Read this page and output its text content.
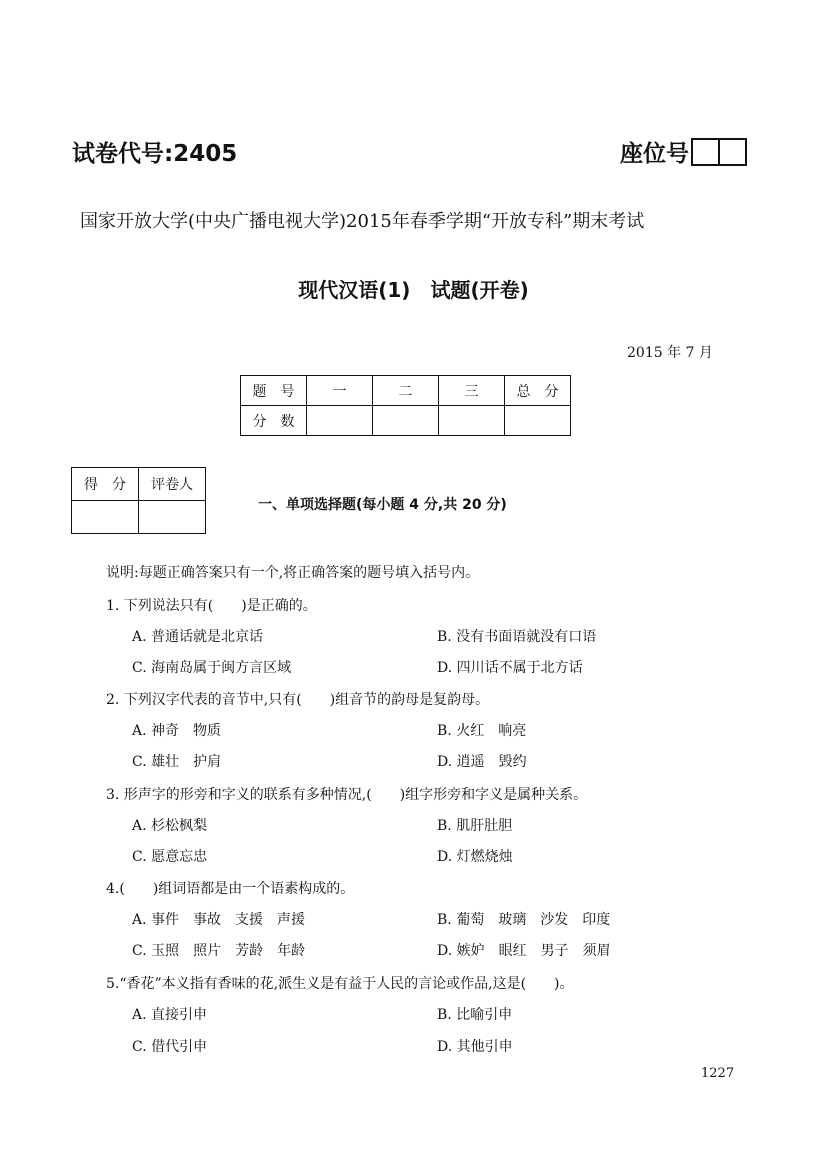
试卷代号:2405	座位号
国家开放大学(中央广播电视大学)2015年春季学期“开放专科”期末考试
现代汉语(1)　试题(开卷)
2015 年 7 月
题　号	一	二	三	总　分
分　数				
得　分	评卷人

一、单项选择题(每小题 4 分,共 20 分)
说明:每题正确答案只有一个,将正确答案的题号填入括号内。
1. 下列说法只有(　　)是正确的。
A. 普通话就是北京话	B. 没有书面语就没有口语
C. 海南岛属于闽方言区域	D. 四川话不属于北方话
2. 下列汉字代表的音节中,只有(　　)组音节的韵母是复韵母。
A. 神奇　物质	B. 火红　响亮
C. 雄壮　护肩	D. 逍遥　毁约
3. 形声字的形旁和字义的联系有多种情况,(　　)组字形旁和字义是属种关系。
A. 杉松枫梨	B. 肌肝肚胆
C. 愿意忘忠	D. 灯燃烧烛
4.(　　)组词语都是由一个语素构成的。
A. 事件　事故　支援　声援	B. 葡萄　玻璃　沙发　印度
C. 玉照　照片　芳龄　年龄	D. 嫉妒　眼红　男子　须眉
5.“香花”本义指有香味的花,派生义是有益于人民的言论或作品,这是(　　)。
A. 直接引申	B. 比喻引申
C. 借代引申	D. 其他引申
1227
